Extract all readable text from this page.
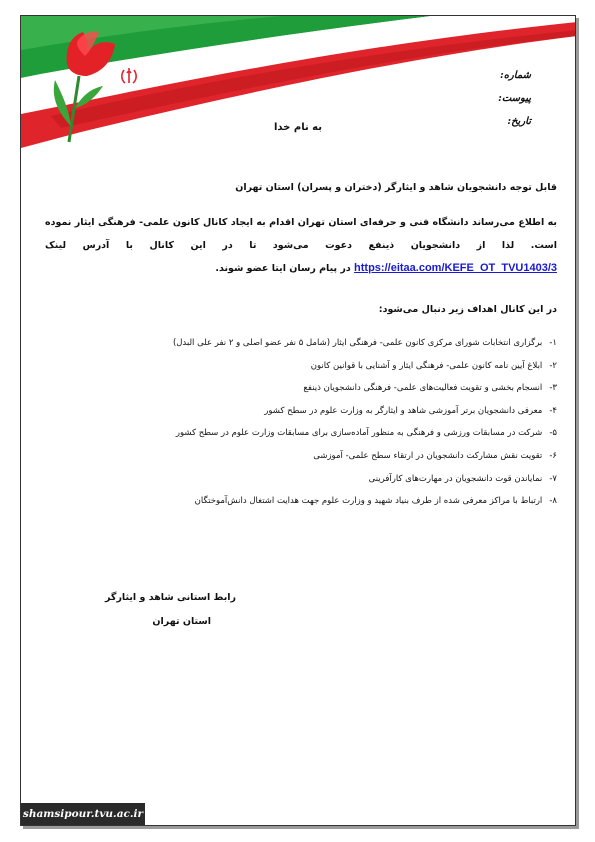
شماره:
پیوست:
تاریخ:
به نام خدا
قابل توجه دانشجویان شاهد و ایثارگر (دختران و پسران) استان تهران
به اطلاع می‌رساند دانشگاه فنی و حرفه‌ای استان تهران اقدام به ایجاد کانال کانون علمی- فرهنگی ایثار نموده
است. لذا از دانشجویان ذینفع دعوت می‌شود تا در این کانال با آدرس لینک
https://eitaa.com/KEFE_OT_TVU1403/3 در پیام رسان ایتا عضو شوند.
در این کانال اهداف زیر دنبال می‌شود:
۱- برگزاری انتخابات شورای مرکزی کانون علمی- فرهنگی ایثار (شامل ۵ نفر عضو اصلی و ۲ نفر علی البدل)
۲- ابلاغ آیین نامه کانون علمی- فرهنگی ایثار و آشنایی با قوانین کانون
۳- انسجام بخشی و تقویت فعالیت‌های علمی- فرهنگی دانشجویان ذینفع
۴- معرفی دانشجویان برتر آموزشی شاهد و ایثارگر به وزارت علوم در سطح کشور
۵- شرکت در مسابقات ورزشی و فرهنگی به منظور آماده‌سازی برای مسابقات وزارت علوم در سطح کشور
۶- تقویت نقش مشارکت دانشجویان در ارتقاء سطح علمی- آموزشی
۷- نمایاندن قوت دانشجویان در مهارت‌های کارآفرینی
۸- ارتباط با مراکز معرفی شده از طرف بنیاد شهید و وزارت علوم جهت هدایت اشتغال دانش‌آموختگان
رابط استانی شاهد و ایثارگر
استان تهران
shamsipour.tvu.ac.ir
